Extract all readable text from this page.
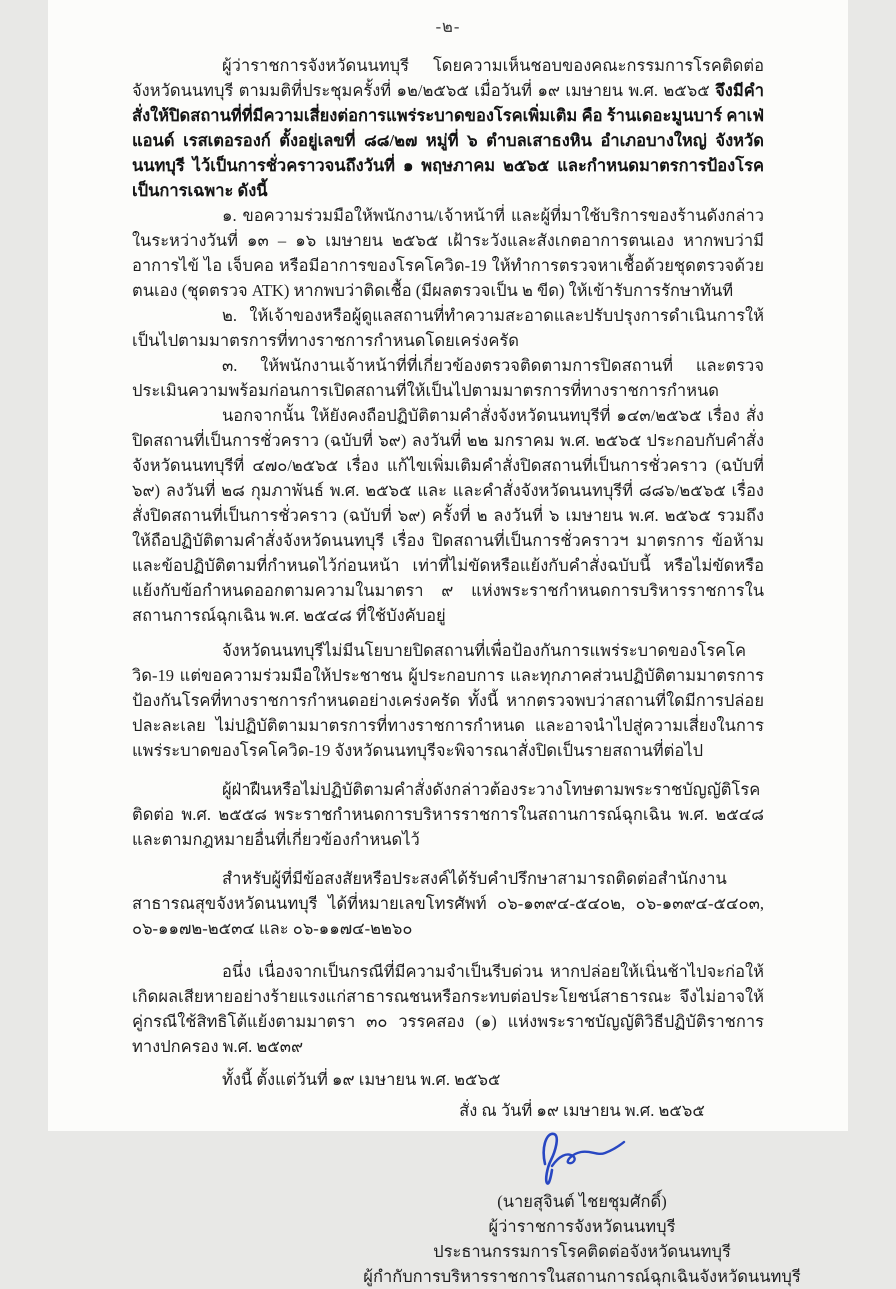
-๒-

ผู้ว่าราชการจังหวัดนนทบุรี โดยความเห็นชอบของคณะกรรมการโรคติดต่อจังหวัดนนทบุรี ตามมติที่ประชุมครั้งที่ ๑๒/๒๕๖๕ เมื่อวันที่ ๑๙ เมษายน พ.ศ. ๒๕๖๕ จึงมีคำสั่งให้ปิดสถานที่ที่มีความเสี่ยงต่อการแพร่ระบาดของโรคเพิ่มเติม คือ ร้านเดอะมูนบาร์ คาเฟ่ แอนด์ เรสเตอรองก์ ตั้งอยู่เลขที่ ๘๘/๒๗ หมู่ที่ ๖ ตำบลเสาธงหิน อำเภอบางใหญ่ จังหวัดนนทบุรี ไว้เป็นการชั่วคราวจนถึงวันที่ ๑ พฤษภาคม ๒๕๖๕ และกำหนดมาตรการป้องโรคเป็นการเฉพาะ ดังนี้

๑. ขอความร่วมมือให้พนักงาน/เจ้าหน้าที่ และผู้ที่มาใช้บริการของร้านดังกล่าว ในระหว่างวันที่ ๑๓ – ๑๖ เมษายน ๒๕๖๕ เฝ้าระวังและสังเกตอาการตนเอง หากพบว่ามีอาการไข้ ไอ เจ็บคอ หรือมีอาการของโรคโควิด-19 ให้ทำการตรวจหาเชื้อด้วยชุดตรวจด้วยตนเอง (ชุดตรวจ ATK) หากพบว่าติดเชื้อ (มีผลตรวจเป็น ๒ ขีด) ให้เข้ารับการรักษาทันที

๒. ให้เจ้าของหรือผู้ดูแลสถานที่ทำความสะอาดและปรับปรุงการดำเนินการให้เป็นไปตามมาตรการที่ทางราชการกำหนดโดยเคร่งครัด

๓. ให้พนักงานเจ้าหน้าที่ที่เกี่ยวข้องตรวจติดตามการปิดสถานที่ และตรวจประเมินความพร้อมก่อนการเปิดสถานที่ให้เป็นไปตามมาตรการที่ทางราชการกำหนด

นอกจากนั้น ให้ยังคงถือปฏิบัติตามคำสั่งจังหวัดนนทบุรีที่ ๑๔๓/๒๕๖๕ เรื่อง สั่งปิดสถานที่เป็นการชั่วคราว (ฉบับที่ ๖๙) ลงวันที่ ๒๒ มกราคม พ.ศ. ๒๕๖๕ ประกอบกับคำสั่งจังหวัดนนทบุรีที่ ๔๗๐/๒๕๖๕ เรื่อง แก้ไขเพิ่มเติมคำสั่งปิดสถานที่เป็นการชั่วคราว (ฉบับที่ ๖๙) ลงวันที่ ๒๘ กุมภาพันธ์ พ.ศ. ๒๕๖๕ และ และคำสั่งจังหวัดนนทบุรีที่ ๘๘๖/๒๕๖๕ เรื่อง สั่งปิดสถานที่เป็นการชั่วคราว (ฉบับที่ ๖๙) ครั้งที่ ๒ ลงวันที่ ๖ เมษายน พ.ศ. ๒๕๖๕ รวมถึงให้ถือปฏิบัติตามคำสั่งจังหวัดนนทบุรี เรื่อง ปิดสถานที่เป็นการชั่วคราวฯ มาตรการ ข้อห้าม และข้อปฏิบัติตามที่กำหนดไว้ก่อนหน้า เท่าที่ไม่ขัดหรือแย้งกับคำสั่งฉบับนี้ หรือไม่ขัดหรือแย้งกับข้อกำหนดออกตามความในมาตรา ๙ แห่งพระราชกำหนดการบริหารราชการในสถานการณ์ฉุกเฉิน พ.ศ. ๒๕๔๘ ที่ใช้บังคับอยู่

จังหวัดนนทบุรีไม่มีนโยบายปิดสถานที่เพื่อป้องกันการแพร่ระบาดของโรคโควิด-19 แต่ขอความร่วมมือให้ประชาชน ผู้ประกอบการ และทุกภาคส่วนปฏิบัติตามมาตรการป้องกันโรคที่ทางราชการกำหนดอย่างเคร่งครัด ทั้งนี้ หากตรวจพบว่าสถานที่ใดมีการปล่อยปละละเลย ไม่ปฏิบัติตามมาตรการที่ทางราชการกำหนด และอาจนำไปสู่ความเสี่ยงในการแพร่ระบาดของโรคโควิด-19 จังหวัดนนทบุรีจะพิจารณาสั่งปิดเป็นรายสถานที่ต่อไป

ผู้ฝ่าฝืนหรือไม่ปฏิบัติตามคำสั่งดังกล่าวต้องระวางโทษตามพระราชบัญญัติโรคติดต่อ พ.ศ. ๒๕๕๘ พระราชกำหนดการบริหารราชการในสถานการณ์ฉุกเฉิน พ.ศ. ๒๕๔๘ และตามกฎหมายอื่นที่เกี่ยวข้องกำหนดไว้

สำหรับผู้ที่มีข้อสงสัยหรือประสงค์ได้รับคำปรึกษาสามารถติดต่อสำนักงานสาธารณสุขจังหวัดนนทบุรี ได้ที่หมายเลขโทรศัพท์ ๐๖-๑๓๙๔-๕๔๐๒, ๐๖-๑๓๙๔-๕๔๐๓, ๐๖-๑๑๗๒-๒๕๓๔ และ ๐๖-๑๑๗๔-๒๒๖๐

อนึ่ง เนื่องจากเป็นกรณีที่มีความจำเป็นรีบด่วน หากปล่อยให้เนิ่นช้าไปจะก่อให้เกิดผลเสียหายอย่างร้ายแรงแก่สาธารณชนหรือกระทบต่อประโยชน์สาธารณะ จึงไม่อาจให้คู่กรณีใช้สิทธิโต้แย้งตามมาตรา ๓๐ วรรคสอง (๑) แห่งพระราชบัญญัติวิธีปฏิบัติราชการทางปกครอง พ.ศ. ๒๕๓๙

ทั้งนี้ ตั้งแต่วันที่ ๑๙ เมษายน พ.ศ. ๒๕๖๕

สั่ง ณ วันที่ ๑๙ เมษายน พ.ศ. ๒๕๖๕
(นายสุจินต์ ไชยชุมศักดิ์)
ผู้ว่าราชการจังหวัดนนทบุรี
ประธานกรรมการโรคติดต่อจังหวัดนนทบุรี
ผู้กำกับการบริหารราชการในสถานการณ์ฉุกเฉินจังหวัดนนทบุรี
